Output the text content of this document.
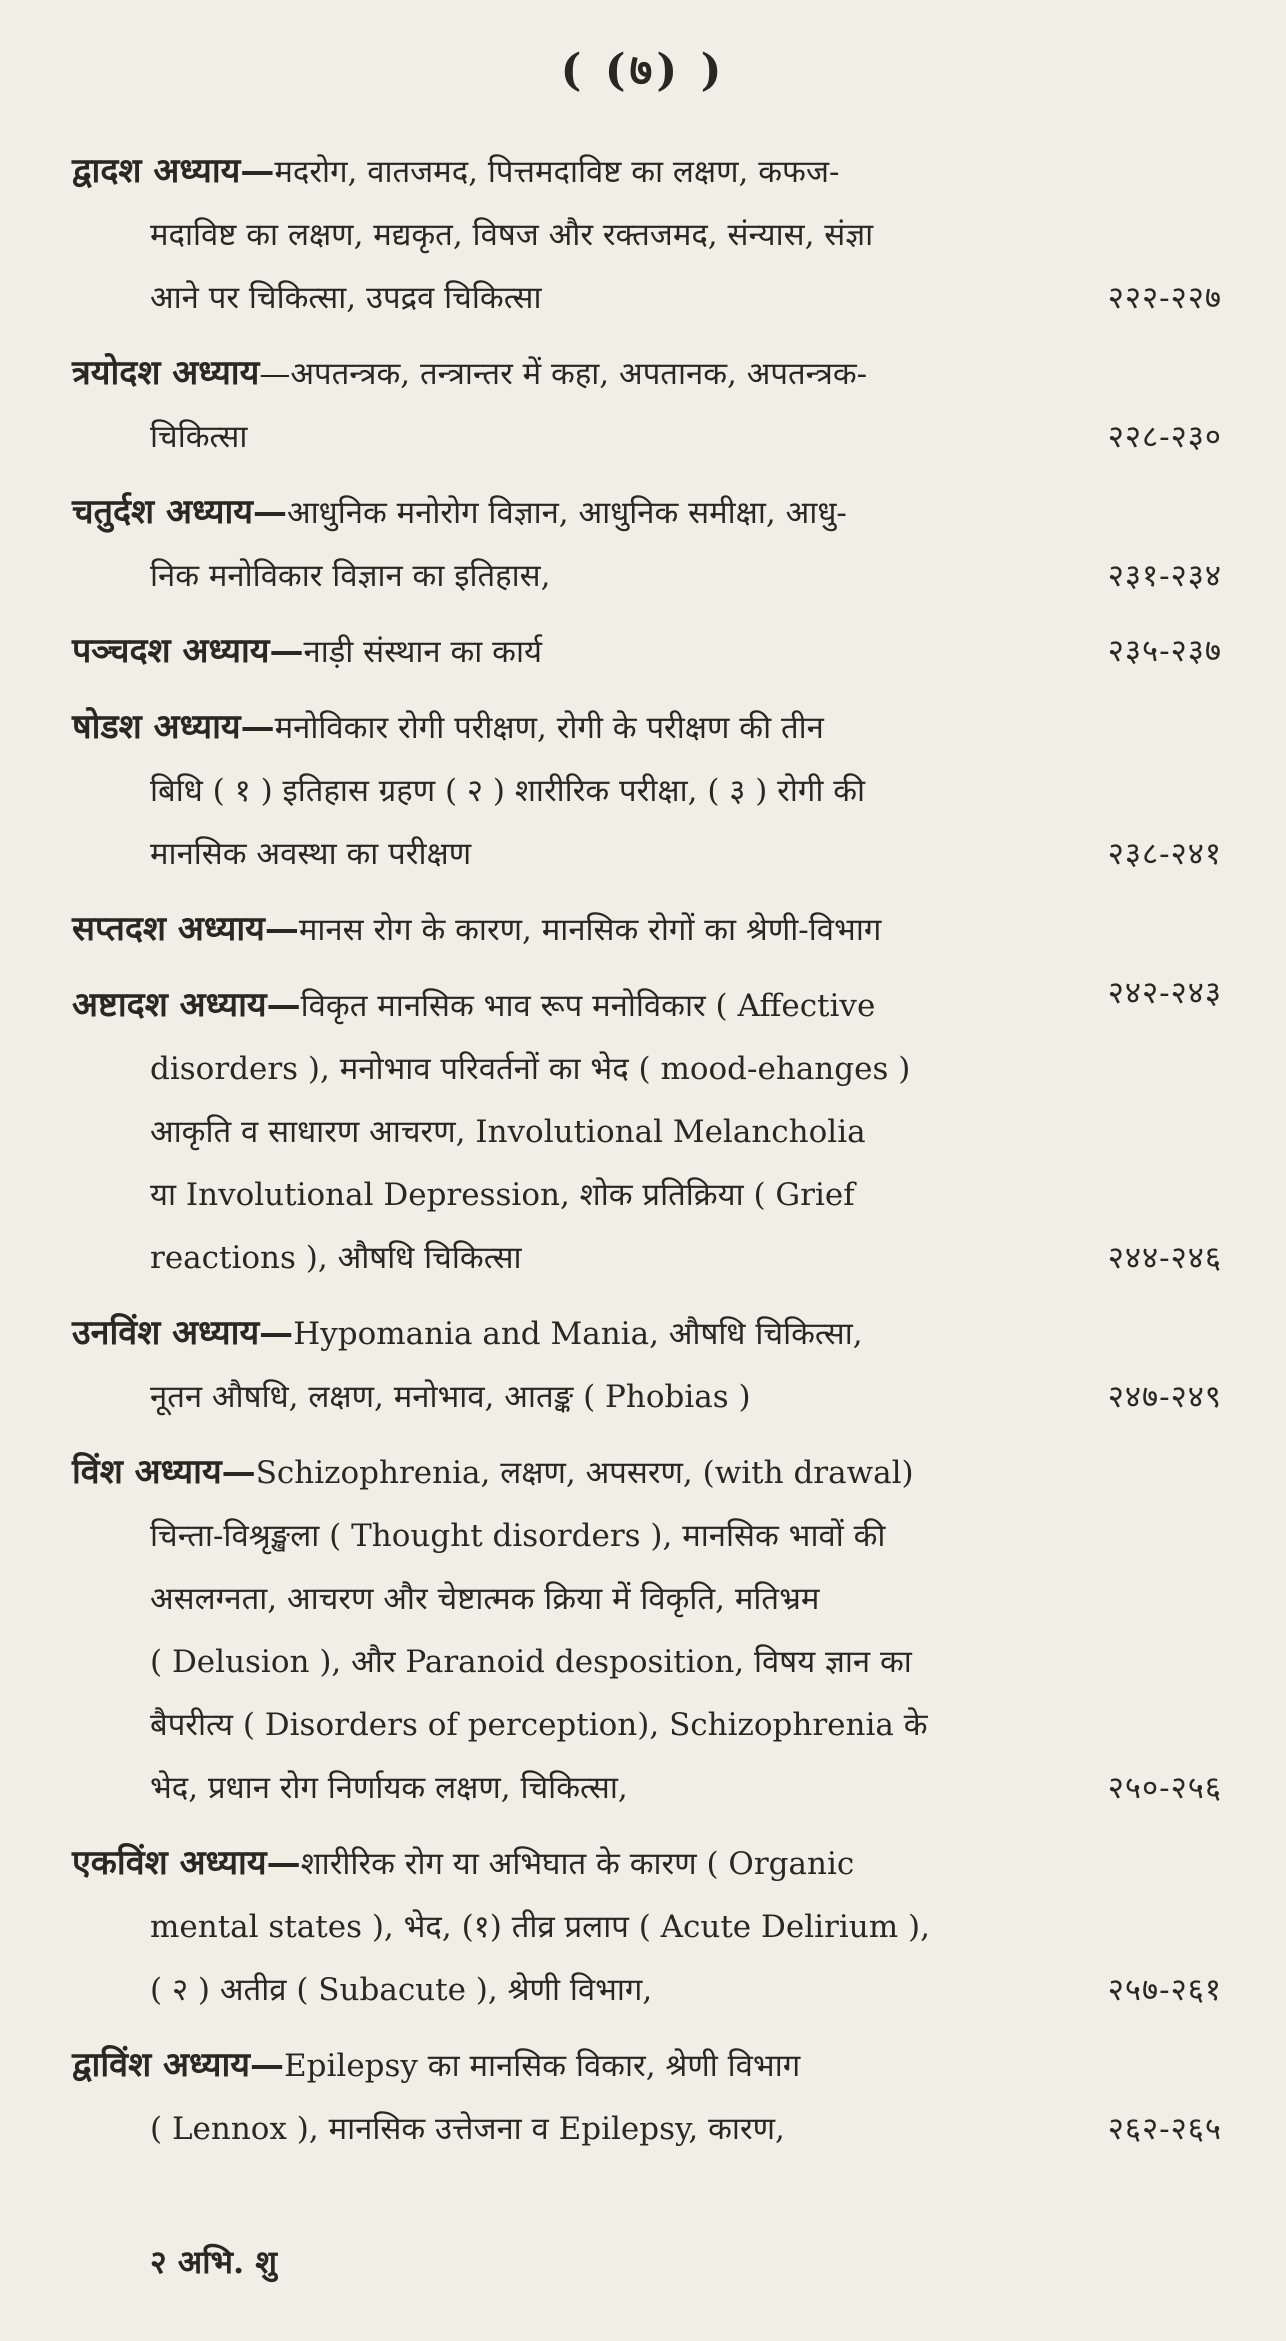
( (७) )
द्वादश अध्याय—मदरोग, वातजमद, पित्तमदाविष्ट का लक्षण, कफज-
मदाविष्ट का लक्षण, मद्यकृत, विषज और रक्तजमद, संन्यास, संज्ञा
२२२-२२७
आने पर चिकित्सा, उपद्रव चिकित्सा
त्रयोदश अध्याय—अपतन्त्रक, तन्त्रान्तर में कहा, अपतानक, अपतन्त्रक-
२२८-२३०
चिकित्सा
चतुर्दश अध्याय—आधुनिक मनोरोग विज्ञान, आधुनिक समीक्षा, आधु-
२३१-२३४
निक मनोविकार विज्ञान का इतिहास,
पञ्चदश अध्याय—	२३५-२३७
नाड़ी संस्थान का कार्य
षोडश अध्याय—मनोविकार रोगी परीक्षण, रोगी के परीक्षण की तीन
बिधि ( १ ) इतिहास ग्रहण ( २ ) शारीरिक परीक्षा, ( ३ ) रोगी की
२३८-२४१
मानसिक अवस्था का परीक्षण
सप्तदश अध्याय—मानस रोग के कारण, मानसिक रोगों का श्रेणी-विभाग
२४२-२४३
अष्टादश अध्याय—विकृत मानसिक भाव रूप मनोविकार ( Affective
disorders ), मनोभाव परिवर्तनों का भेद ( mood-ehanges )
आकृति व साधारण आचरण, Involutional Melancholia
या Involutional Depression, शोक प्रतिक्रिया ( Grief
२४४-२४६
reactions ), औषधि चिकित्सा
उनविंश अध्याय—Hypomania and Mania, औषधि चिकित्सा,
२४७-२४९
नूतन औषधि, लक्षण, मनोभाव, आतङ्क ( Phobias )
विंश अध्याय—Schizophrenia, लक्षण, अपसरण, (with drawal)
चिन्ता-विश्रृङ्खला ( Thought disorders ), मानसिक भावों की
असलग्नता, आचरण और चेष्टात्मक क्रिया में विकृति, मतिभ्रम
( Delusion ), और Paranoid desposition, विषय ज्ञान का
बैपरीत्य ( Disorders of perception), Schizophrenia के
२५०-२५६
भेद, प्रधान रोग निर्णायक लक्षण, चिकित्सा,
एकविंश अध्याय—शारीरिक रोग या अभिघात के कारण ( Organic
mental states ), भेद, (१) तीव्र प्रलाप ( Acute Delirium ),
२५७-२६१
( २ ) अतीव्र ( Subacute ), श्रेणी विभाग,
द्वाविंश अध्याय—Epilepsy का मानसिक विकार, श्रेणी विभाग
२६२-२६५
( Lennox ), मानसिक उत्तेजना व Epilepsy, कारण,
२ अभि. शु
